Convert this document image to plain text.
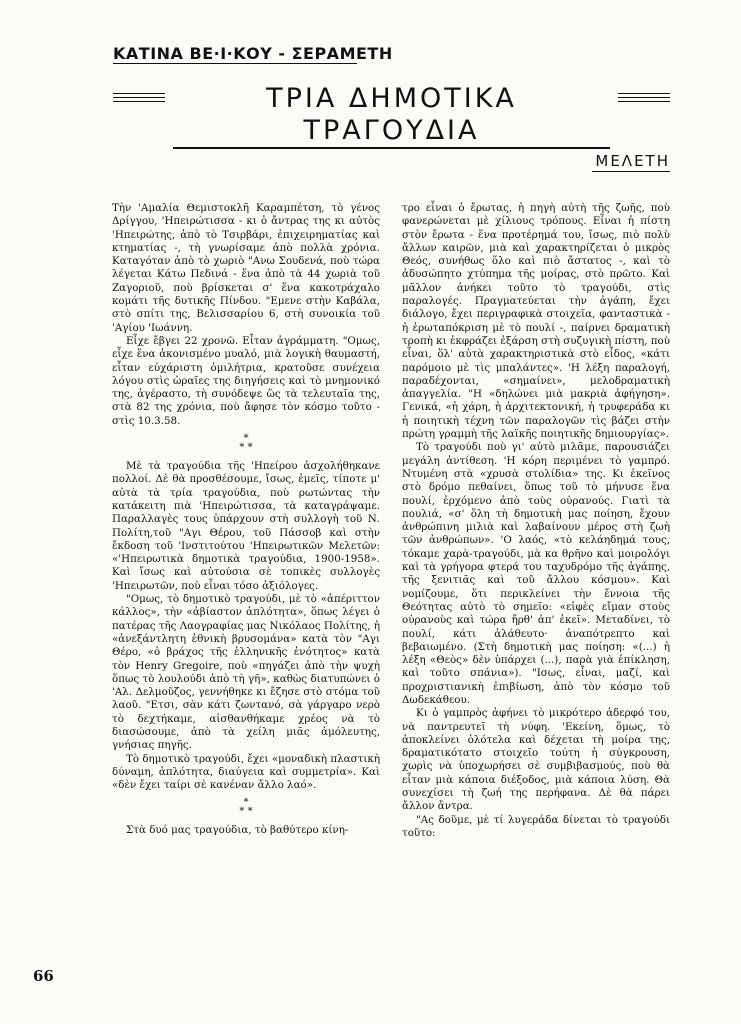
ΚΑΤΙΝΑ ΒΕ·Ι·ΚΟΥ - ΣΕΡΑΜΕΤΗ
ΤΡΙΑ ΔΗΜΟΤΙΚΑ ΤΡΑΓΟΥΔΙΑ
ΜΕΛΕΤΗ

Τὴν 'Αμαλία Θεμιστοκλῆ Καραμπέτση, τὸ γένος Δρίγγου, 'Ηπειρώτισσα - κι ὁ ἄντρας της κι αὐτὸς 'Ηπειρώτης, ἀπὸ τὸ Τσιρβάρι, ἐπιχειρηματίας καὶ κτηματίας -, τὴ γνωρίσαμε ἀπὸ πολλὰ χρόνια. Καταγόταν ἀπὸ τὸ χωριὸ "Ανω Σουδενά, ποὺ τώρα λέγεται Κάτω Πεδινά - ἕνα ἀπὸ τὰ 44 χωριὰ τοῦ Ζαγοριοῦ, ποὺ βρίσκεται σ' ἕνα κακοτράχαλο κομάτι τῆς δυτικῆς Πίνδου. "Εμενε στὴν Καβάλα, στὸ σπίτι της, Βελισσαρίου 6, στὴ συνοικία τοῦ 'Αγίου 'Ιωάννη.

Εἶχε ἔβγει 22 χρονῶ. Εἶταν ἀγράμματη. "Ομως, εἶχε ἕνα ἀκονισμένο μυαλό, μιὰ λογικὴ θαυμαστή, εἶταν εὐχάριστη ὁμιλήτρια, κρατοῦσε συνέχεια λόγου στὶς ὡραῖες της διηγήσεις καὶ τὸ μνημονικό της, ἀγέραστο, τὴ συνόδεψε ὥς τὰ τελευταῖα της, στὰ 82 της χρόνια, ποὺ ἄφησε τὸν κόσμο τοῦτο - στὶς 10.3.58.

*
* *

Μὲ τὰ τραγούδια τῆς 'Ηπείρου ἀσχολήθηκανε πολλοί. Δὲ θὰ προσθέσουμε, ἴσως, ἐμεῖς, τίποτε μ' αὐτὰ τὰ τρία τραγούδια, ποὺ ρωτώντας τὴν κατάκειτη πιὰ 'Ηπειρώτισσα, τὰ καταγράψαμε. Παραλλαγὲς τους ὑπάρχουν στὴ συλλογὴ τοῦ Ν. Πολίτη,τοῦ "Αγι Θέρου, τοῦ Πάσσοβ καὶ στὴν ἔκδοση τοῦ 'Ινστιτούτου 'Ηπειρωτικῶν Μελετῶν: «'Ηπειρωτικὰ δημοτικὰ τραγούδια, 1900-1958». Καὶ ἴσως καὶ αὐτούσια σὲ τοπικὲς συλλογὲς 'Ηπειρωτῶν, ποὺ εἶναι τόσο ἀξιόλογες.

"Ομως, τὸ δημοτικὸ τραγούδι, μὲ τὸ «ἀπέριττον κάλλος», τὴν «ἀβίαστον ἁπλότητα», ὅπως λέγει ὁ πατέρας τῆς Λαογραφίας μας Νικόλαος Πολίτης, ἡ «ἀνεξάντλητη ἐθνικὴ βρυσομάνα» κατὰ τὸν "Αγι Θέρο, «ὁ βράχος τῆς ἑλληνικῆς ἑνότητος» κατὰ τὸν Henry Gregoire, ποὺ «πηγάζει ἀπὸ τὴν ψυχὴ ὅπως τὸ λουλούδι ἀπὸ τὴ γῆ», καθὼς διατυπώνει ὁ 'Αλ. Δελμοῦζος, γεννήθηκε κι ἔζησε στὸ στόμα τοῦ λαοῦ. "Ετσι, σὰν κάτι ζωντανό, σὰ γάργαρο νερὸ τὸ δεχτήκαμε, αἰσθανθήκαμε χρέος νὰ τὸ διασώσουμε, ἀπὸ τὰ χείλη μιᾶς ἀμόλευτης, γνήσιας πηγῆς.

Τὸ δημοτικὸ τραγούδι, ἔχει «μοναδικὴ πλαστικὴ δύναμη, ἁπλότητα, διαύγεια καὶ συμμετρία». Καὶ «δὲν ἔχει ταίρι σὲ κανέναν ἄλλο λαό».

*
* *

Στὰ δυό μας τραγούδια, τὸ βαθύτερο κίνη-

τρο εἶναι ὁ ἔρωτας, ἡ πηγὴ αὐτὴ τῆς ζωῆς, ποὺ φανερώνεται μὲ χίλιους τρόπους. Εἶναι ἡ πίστη στὸν ἔρωτα - ἕνα προτέρημά του, ἴσως, πιὸ πολὺ ἄλλων καιρῶν, μιὰ καὶ χαρακτηρίζεται ὁ μικρὸς Θεός, συνήθως ὅλο καὶ πιὸ ἄστατος -, καὶ τὸ ἀδυσώπητο χτύπημα τῆς μοίρας, στὸ πρῶτο. Καὶ μᾶλλον ἀνήκει τοῦτο τὸ τραγούδι, στὶς παραλογές. Πραγματεύεται τὴν ἀγάπη, ἔχει διάλογο, ἔχει περιγραφικὰ στοιχεῖα, φανταστικὰ - ἡ ἐρωταπόκριση μὲ τὸ πουλί -, παίρνει δραματικὴ τροπὴ κι ἐκφράζει ἐξάρση στὴ συζυγικὴ πίστη, ποὺ εἶναι, ὅλ' αὐτὰ χαρακτηριστικὰ στὸ εἶδος, «κάτι παρόμοιο μὲ τὶς μπαλάντες». 'Η λέξη παραλογή, παραδέχονται, «σημαίνει», μελοδραματικὴ ἀπαγγελία. "Η «δηλώνει μιὰ μακριὰ ἀφήγηση». Γενικά, «ἡ χάρη, ἡ ἀρχιτεκτονική, ἡ τρυφεράδα κι ἡ ποιητικὴ τέχνη τῶν παραλογῶν τὶς βάζει στὴν πρώτη γραμμὴ τῆς λαϊκῆς ποιητικῆς δημιουργίας».

Τὸ τραγούδι ποὺ γι' αὐτὸ μιλᾶμε, παρουσιάζει μεγάλη ἀντίθεση. 'Η κόρη περιμένει τὸ γαμπρό. Ντυμένη στὰ «χρυσὰ στολίδια» της. Κι ἐκεῖνος στὸ δρόμο πεθαίνει, ὅπως τοῦ τὸ μήνυσε ἕνα πουλί, ἐρχόμενο ἀπὸ τοὺς οὐρανούς. Γιατὶ τὰ πουλιά, «σ' ὅλη τὴ δημοτικὴ μας ποίηση, ἔχουν ἀνθρώπινη μιλιὰ καὶ λαβαίνουν μέρος στὴ ζωὴ τῶν ἀνθρώπων». 'Ο λαός, «τὸ κελάηδημά τους, τόκαμε χαρὰ-τραγούδι, μὰ κα θρῆνο καὶ μοιρολόγι καὶ τὰ γρήγορα φτερά του ταχυδρόμο τῆς ἀγάπης, τῆς ξενιτιᾶς καὶ τοῦ ἄλλου κόσμου». Καὶ νομίζουμε, ὅτι περικλείνει τὴν ἔννοια τῆς Θεότητας αὐτὸ τὸ σημεῖο: «εἰφὲς εἴμαν στοὺς οὐρανοὺς καὶ τώρα ἤρθ' ἀπ' ἐκεῖ». Μεταδίνει, τὸ πουλί, κάτι ἀλάθευτο· ἀναπότρεπτο καὶ βεβαιωμένο. (Στὴ δημοτικὴ μας ποίηση: «(...) ἡ λέξη «Θεὸς» δὲν ὑπάρχει (...), παρὰ γιὰ ἐπίκληση, καὶ τοῦτο σπάνια»). "Ισως, εἶναι, μαζί, καὶ προχριστιανικὴ ἐπιβίωση, ἀπὸ τὸν κόσμο τοῦ Δωδεκάθεου.

Κι ὁ γαμπρὸς ἀφήνει τὸ μικρότερο ἀδερφό του, νὰ παντρευτεῖ τὴ νύφη. 'Εκείνη, ὅμως, τὸ ἀποκλείνει ὁλότελα καὶ δέχεται τὴ μοίρα της, δραματικότατο στοιχεῖο τούτη ἡ σύγκρουση, χωρὶς νὰ ὑποχωρήσει σὲ συμβιβασμούς, ποὺ θὰ εἶταν μιὰ κάποια διέξοδος, μιὰ κάποια λύση. Θὰ συνεχίσει τὴ ζωή της περήφανα. Δὲ θὰ πάρει ἄλλον ἄντρα.

"Ας δοῦμε, μὲ τί λυγεράδα δίνεται τὸ τραγούδι τοῦτο:

66
